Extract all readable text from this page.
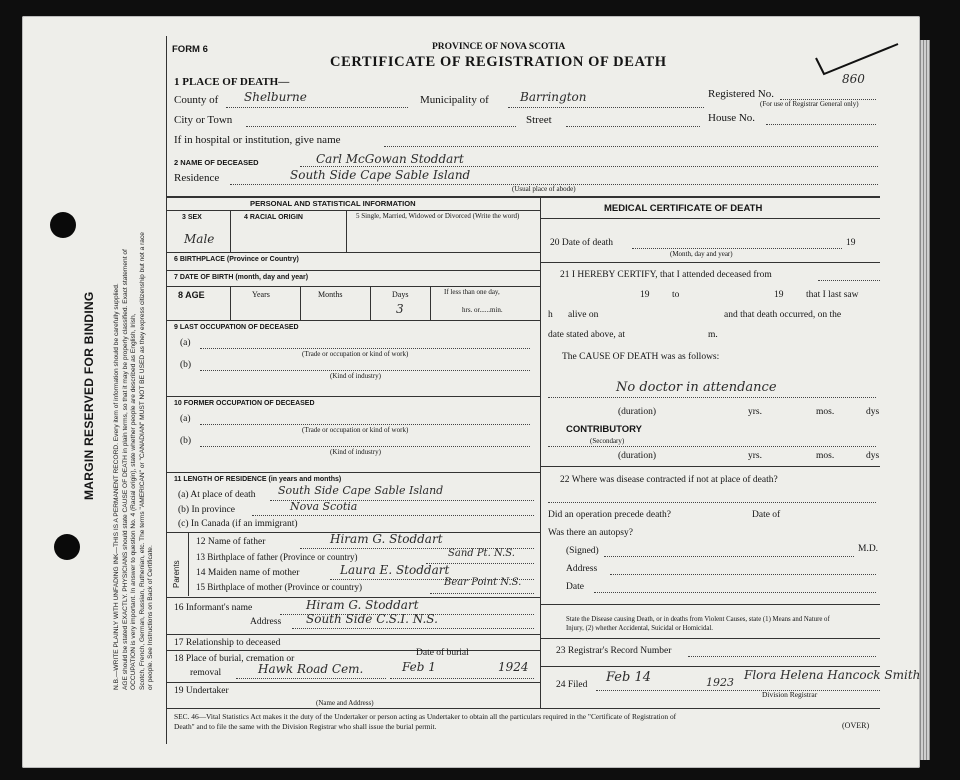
MARGIN RESERVED FOR BINDING	N.B.—WRITE PLAINLY WITH UNFADING INK—THIS IS A PERMANENT RECORD. Every item of information should be carefully supplied. AGE should be stated EXACTLY. PHYSICIANS should state CAUSE OF DEATH in plain terms, so that it may be properly classified. Exact statement of OCCUPATION is very important. In answer to question No. 4 (Racial origin), state whether people are described as English, Irish, Scotch, French, German, Russian, Ruthenian, etc. The terms "AMERICAN" or "CANADIAN" MUST NOT BE USED as they express citizenship but not a race or people. See Instructions on Back of Certificate.
FORM 6	PROVINCE OF NOVA SCOTIA
CERTIFICATE OF REGISTRATION OF DEATH
860
1 PLACE OF DEATH—
County of Shelburne	Municipality of	Barrington	Registered No.
(For use of Registrar General only)
City or Town	Street	House No.
If in hospital or institution, give name
2 NAME OF DECEASED	Carl McGowan Stoddart
Residence	South Side Cape Sable Island
(Usual place of abode)
PERSONAL AND STATISTICAL INFORMATION
3 SEX	4 RACIAL ORIGIN	5 Single, Married, Widowed or Divorced (Write the word)
Male
6 BIRTHPLACE (Province or Country)
7 DATE OF BIRTH (month, day and year)
8 AGE	Years	Months	Days
3
If less than one day,
hrs. or......min.
9 LAST OCCUPATION OF DECEASED
(a)
(Trade or occupation or kind of work)
(b)
(Kind of industry)
10 FORMER OCCUPATION OF DECEASED
(a)
(Trade or occupation or kind of work)
(b)
(Kind of industry)
11 LENGTH OF RESIDENCE (in years and months)
(a) At place of death South Side Cape Sable Island
(b) In province	Nova Scotia
(c) In Canada (if an immigrant)
Parents
12 Name of father	Hiram G. Stoddart
13 Birthplace of father (Province or country)	Sand Pt. N.S.
14 Maiden name of mother	Laura E. Stoddart
15 Birthplace of mother (Province or country)	Bear Point N.S.
16 Informant's name	Hiram G. Stoddart
Address South Side C.S.I. N.S.
17 Relationship to deceased
18 Place of burial, cremation or
Date of burial
removal	Hawk Road Cem.	Feb 1	1924
19 Undertaker
(Name and Address)
MEDICAL CERTIFICATE OF DEATH
20 Date of death	19
(Month, day and year)
21 I HEREBY CERTIFY, that I attended deceased from
19 to	19 that I last saw
h alive on	and that death occurred, on the
date stated above, at	m.
The CAUSE OF DEATH was as follows:
No doctor in attendance
(duration)	yrs.	mos.	dys
CONTRIBUTORY
(Secondary)
(duration)	yrs.	mos.	dys
22 Where was disease contracted if not at place of death?
Did an operation precede death?	Date of
Was there an autopsy?
(Signed)	M.D.
Address
Date
State the Disease causing Death, or in deaths from Violent Causes, state (1) Means and Nature of
Injury, (2) whether Accidental, Suicidal or Homicidal.
23 Registrar's Record Number
24 Filed Feb 14	1923
Flora Helena Hancock Smith
Division Registrar
SEC. 46—Vital Statistics Act makes it the duty of the Undertaker or person acting as Undertaker to obtain all the particulars required in the "Certificate of Registration of
Death" and to file the same with the Division Registrar who shall issue the burial permit.	(OVER)
